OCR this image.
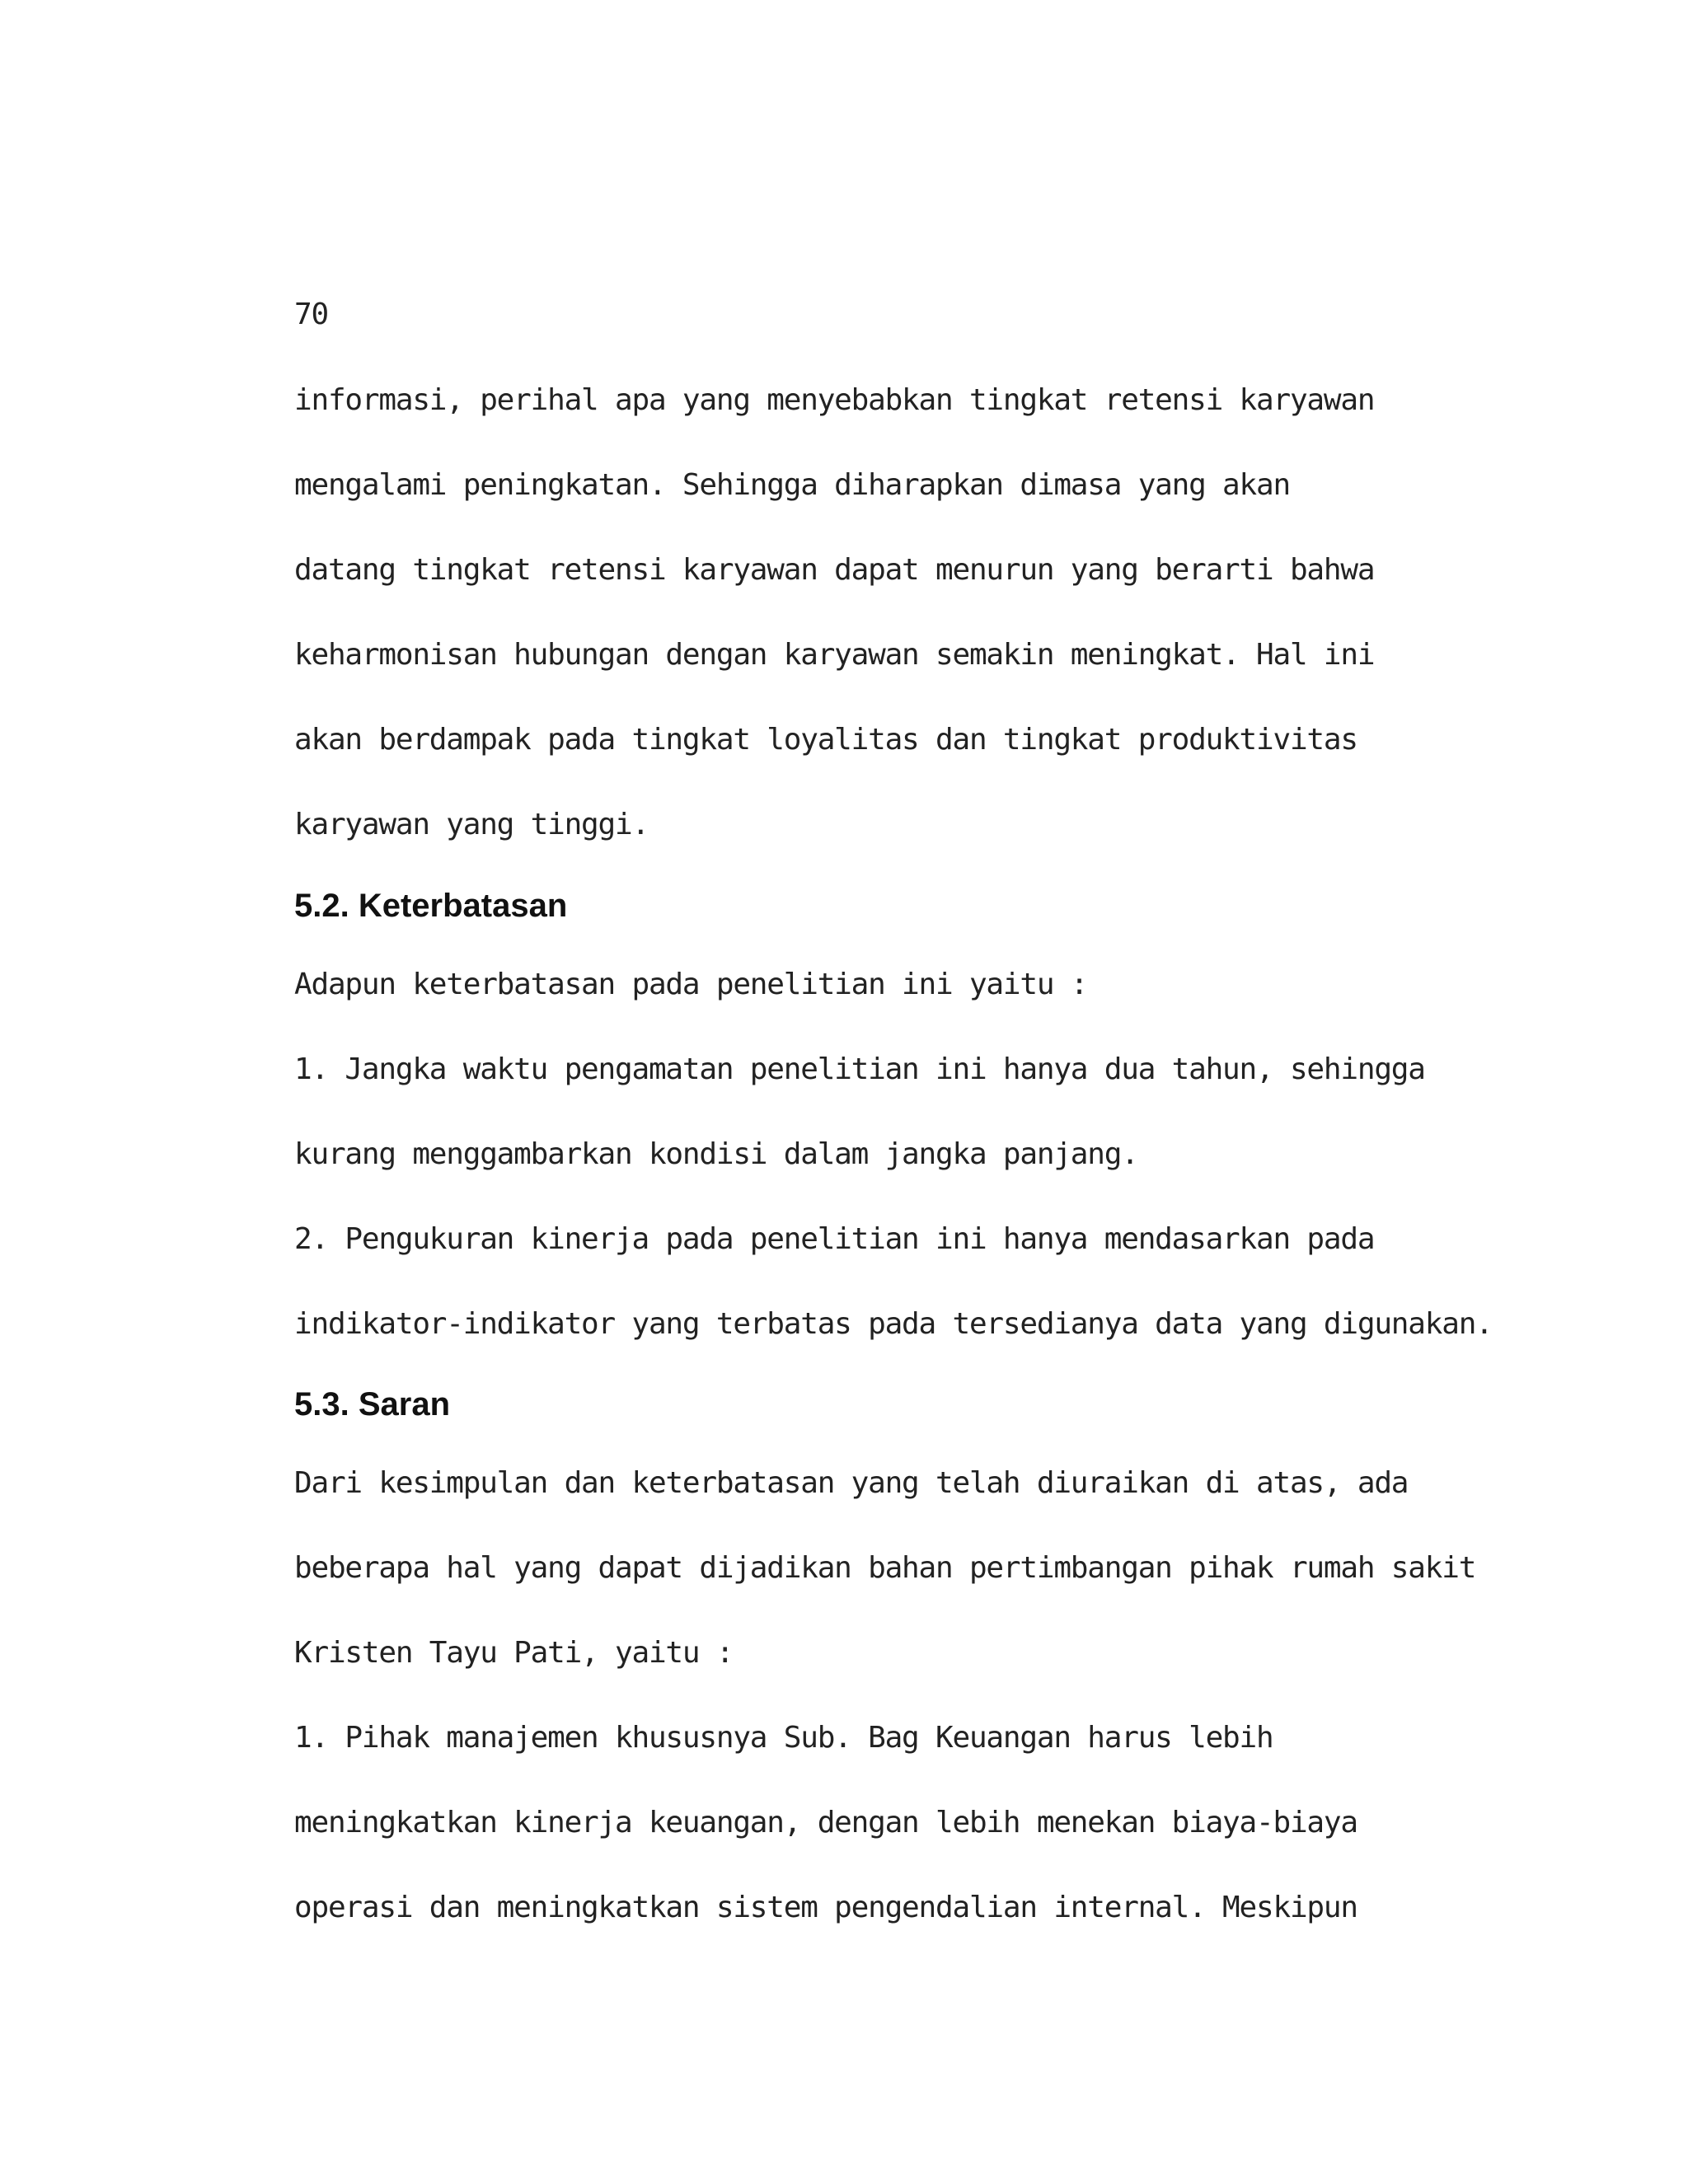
70
informasi, perihal apa yang menyebabkan tingkat retensi karyawan
mengalami peningkatan. Sehingga diharapkan dimasa yang akan
datang tingkat retensi karyawan dapat menurun yang berarti bahwa
keharmonisan hubungan dengan karyawan semakin meningkat. Hal ini
akan berdampak pada tingkat loyalitas dan tingkat produktivitas
karyawan yang tinggi.
5.2. Keterbatasan
Adapun keterbatasan pada penelitian ini yaitu :
1. Jangka waktu pengamatan penelitian ini hanya dua tahun, sehingga
kurang menggambarkan kondisi dalam jangka panjang.
2. Pengukuran kinerja pada penelitian ini hanya mendasarkan pada
indikator-indikator yang terbatas pada tersedianya data yang digunakan.
5.3. Saran
Dari kesimpulan dan keterbatasan yang telah diuraikan di atas, ada
beberapa hal yang dapat dijadikan bahan pertimbangan pihak rumah sakit
Kristen Tayu Pati, yaitu :
1. Pihak manajemen khususnya Sub. Bag Keuangan harus lebih
meningkatkan kinerja keuangan, dengan lebih menekan biaya-biaya
operasi dan meningkatkan sistem pengendalian internal. Meskipun
